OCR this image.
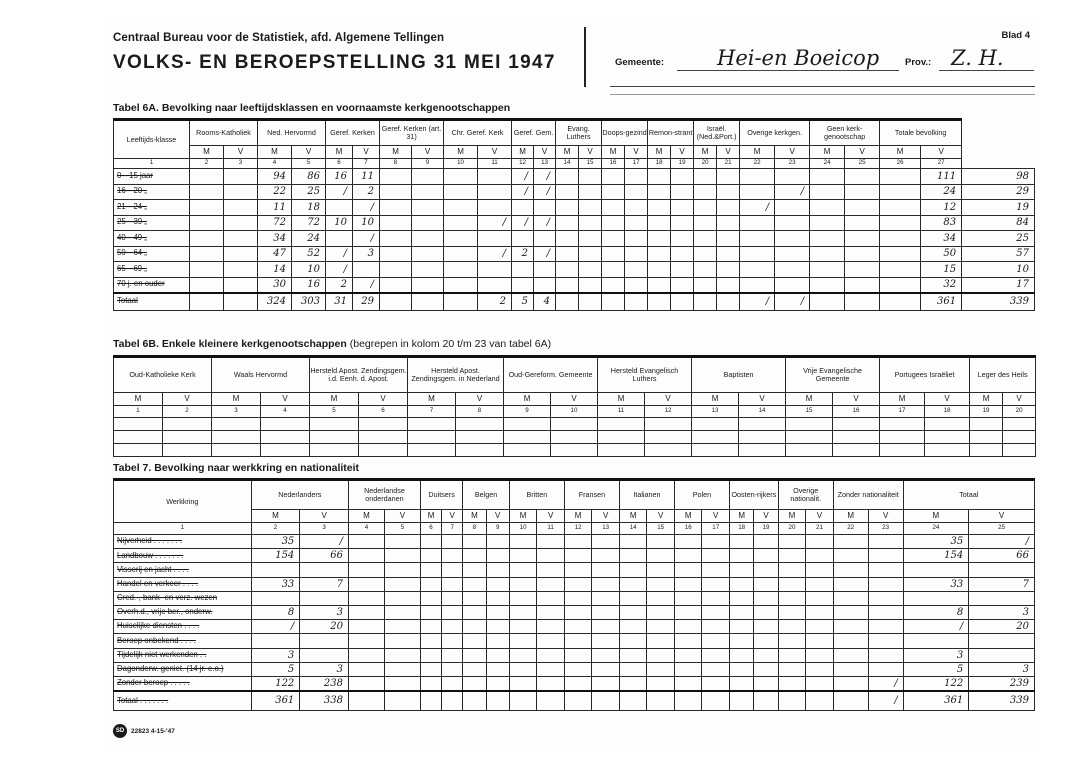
Centraal Bureau voor de Statistiek, afd. Algemene Tellingen
VOLKS- EN BEROEPSTELLING 31 MEI 1947
Blad 4
Gemeente:	Hei-en Boeicop	Prov.: Z. H.
Tabel 6A. Bevolking naar leeftijdsklassen en voornaamste kerkgenootschappen
Leeftijds-klasse	Rooms-Katholiek		Ned. Hervormd		Geref. Kerken		Geref. Kerken (art. 31)		Chr. Geref. Kerk		Geref. Gem.		Evang. Luthers		Doops-gezind		Remon-strant		Israël. (Ned.&Port.)		Overige kerkgen.		Geen kerk-genootschap		Totale bevolking		
	M	V	M	V	M	V	M	V	M	V	M	V	M	V	M	V	M	V	M	V	M	V	M	V	M	V	
1	2	3	4	5	6	7	8	9	10	11	12	13	14	15	16	17	18	19	20	21	22	23	24	25	26	27	
0—15 jaar			94	86	16	11					/	/														111	98
16—20 „			22	25	/	2					/	/										/				24	29
21—24 „			11	18		/															/					12	19
25—39 „			72	72	10	10				/	/	/														83	84
40—49 „			34	24		/																				34	25
50—64 „			47	52	/	3				/	2	/														50	57
65—69 „			14	10	/																					15	10
70 j. en ouder			30	16	2	/																				32	17
Totaal			324	303	31	29				2	5	4									/	/				361	339
Tabel 6B. Enkele kleinere kerkgenootschappen (begrepen in kolom 20 t/m 23 van tabel 6A)
Oud-Katholieke Kerk		Waals Hervormd		Hersteld Apost. Zendingsgem. i.d. Eenh. d. Apost.		Hersteld Apost. Zendingsgem. in Nederland		Oud-Gereform. Gemeente		Hersteld Evangelisch Luthers		Baptisten		Vrije Evangelische Gemeente		Portugees Israëliet		Leger des Heils	
M	V	M	V	M	V	M	V	M	V	M	V	M	V	M	V	M	V	M	V
1	2	3	4	5	6	7	8	9	10	11	12	13	14	15	16	17	18	19	20

Tabel 7. Bevolking naar werkkring en nationaliteit
Werkkring	Nederlanders		Nederlandse onderdanen		Duitsers		Belgen		Britten		Fransen		Italianen		Polen		Oosten-rijkers		Overige nationalit.		Zonder nationaliteit		Totaal	
	M	V	M	V	M	V	M	V	M	V	M	V	M	V	M	V	M	V	M	V	M	V	M	V
1	2	3	4	5	6	7	8	9	10	11	12	13	14	15	16	17	18	19	20	21	22	23	24	25
Nijverheid . . . . . . .	35	/																					35	/
Landbouw . . . . . . .	154	66																					154	66
Visserij en jacht . . . .																								
Handel en verkeer . . . .	33	7																					33	7
Cred.-, bank- en verz. wezen																								
Overh.d., vrije ber., onderw.	8	3																					8	3
Huiselijke diensten . . . .	/	20																					/	20
Beroep onbekend . . . .																								
Tijdelijk niet werkenden . .	3																						3	
Dagonderw. geniet. (14 jr. e.o.)	5	3																					5	3
Zonder beroep . . . . .	122	238																				/	122	239
Totaal . . . . . . .	361	338																				/	361	339
SD	22823 4-15-'47
